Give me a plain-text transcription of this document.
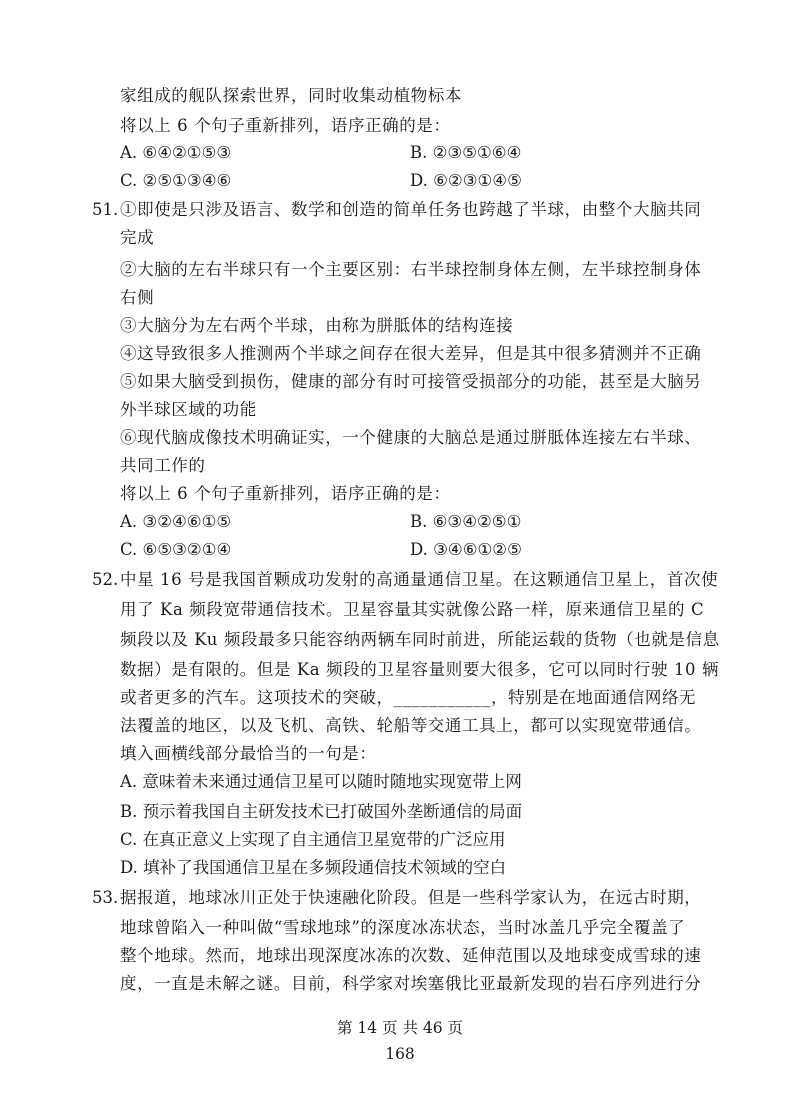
家组成的舰队探索世界，同时收集动植物标本
将以上 6 个句子重新排列，语序正确的是：
A. ⑥④②①⑤③	B. ②③⑤①⑥④
C. ②⑤①③④⑥	D. ⑥②③①④⑤
51. ①即使是只涉及语言、数学和创造的简单任务也跨越了半球，由整个大脑共同
完成
②大脑的左右半球只有一个主要区别：右半球控制身体左侧，左半球控制身体
右侧
③大脑分为左右两个半球，由称为胼胝体的结构连接
④这导致很多人推测两个半球之间存在很大差异，但是其中很多猜测并不正确
⑤如果大脑受到损伤，健康的部分有时可接管受损部分的功能，甚至是大脑另
外半球区域的功能
⑥现代脑成像技术明确证实，一个健康的大脑总是通过胼胝体连接左右半球、
共同工作的
将以上 6 个句子重新排列，语序正确的是：
A. ③②④⑥①⑤	B. ⑥③④②⑤①
C. ⑥⑤③②①④	D. ③④⑥①②⑤
52. 中星 16 号是我国首颗成功发射的高通量通信卫星。在这颗通信卫星上，首次使
用了 Ka 频段宽带通信技术。卫星容量其实就像公路一样，原来通信卫星的 C
频段以及 Ku 频段最多只能容纳两辆车同时前进，所能运载的货物（也就是信息
数据）是有限的。但是 Ka 频段的卫星容量则要大很多，它可以同时行驶 10 辆
或者更多的汽车。这项技术的突破，___________，特别是在地面通信网络无
法覆盖的地区，以及飞机、高铁、轮船等交通工具上，都可以实现宽带通信。
填入画横线部分最恰当的一句是：
A. 意味着未来通过通信卫星可以随时随地实现宽带上网
B. 预示着我国自主研发技术已打破国外垄断通信的局面
C. 在真正意义上实现了自主通信卫星宽带的广泛应用
D. 填补了我国通信卫星在多频段通信技术领域的空白
53. 据报道，地球冰川正处于快速融化阶段。但是一些科学家认为，在远古时期，
地球曾陷入一种叫做“雪球地球”的深度冰冻状态，当时冰盖几乎完全覆盖了
整个地球。然而，地球出现深度冰冻的次数、延伸范围以及地球变成雪球的速
度，一直是未解之谜。目前，科学家对埃塞俄比亚最新发现的岩石序列进行分
第 14 页 共 46 页
168
